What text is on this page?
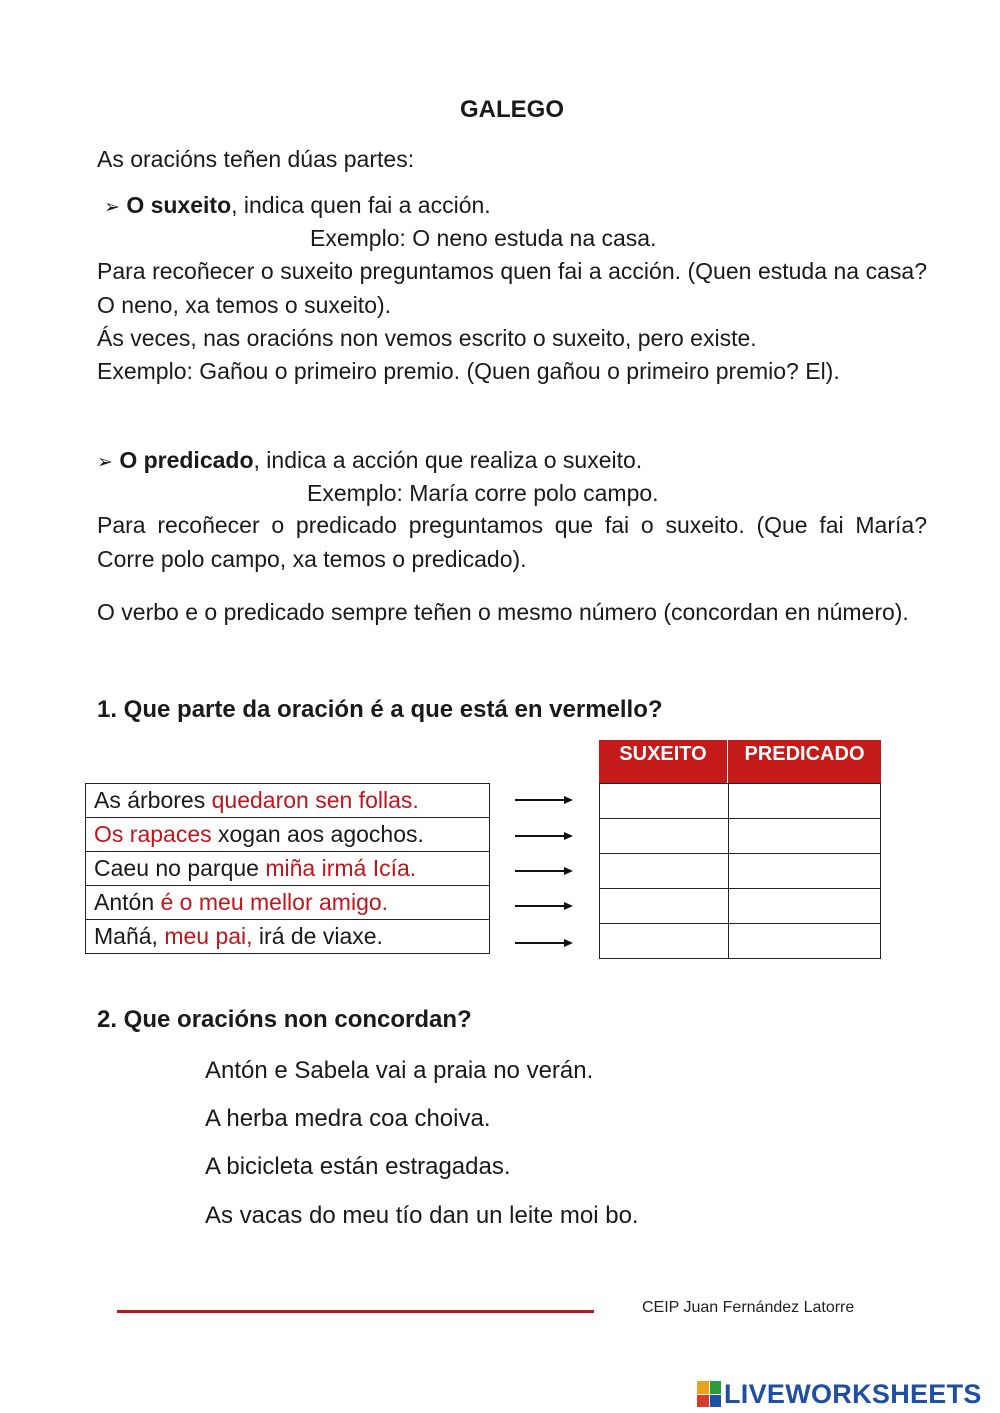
GALEGO
As oracións teñen dúas partes:
➢ O suxeito, indica quen fai a acción.
Exemplo: O neno estuda na casa.
Para recoñecer o suxeito preguntamos quen fai a acción. (Quen estuda na casa? O neno, xa temos o suxeito).
Ás veces, nas oracións non vemos escrito o suxeito, pero existe.
Exemplo: Gañou o primeiro premio. (Quen gañou o primeiro premio? El).
➢ O predicado, indica a acción que realiza o suxeito.
Exemplo: María corre polo campo.
Para recoñecer o predicado preguntamos que fai o suxeito. (Que fai María? Corre polo campo, xa temos o predicado).
O verbo e o predicado sempre teñen o mesmo número (concordan en número).
1. Que parte da oración é a que está en vermello?
SUXEITO	PREDICADO
As árbores quedaron sen follas.
Os rapaces xogan aos agochos.
Caeu no parque miña irmá Icía.
Antón é o meu mellor amigo.
Mañá, meu pai, irá de viaxe.

2. Que oracións non concordan?
Antón e Sabela vai a praia no verán.
A herba medra coa choiva.
A bicicleta están estragadas.
As vacas do meu tío dan un leite moi bo.
CEIP Juan Fernández Latorre
LIVEWORKSHEETS
